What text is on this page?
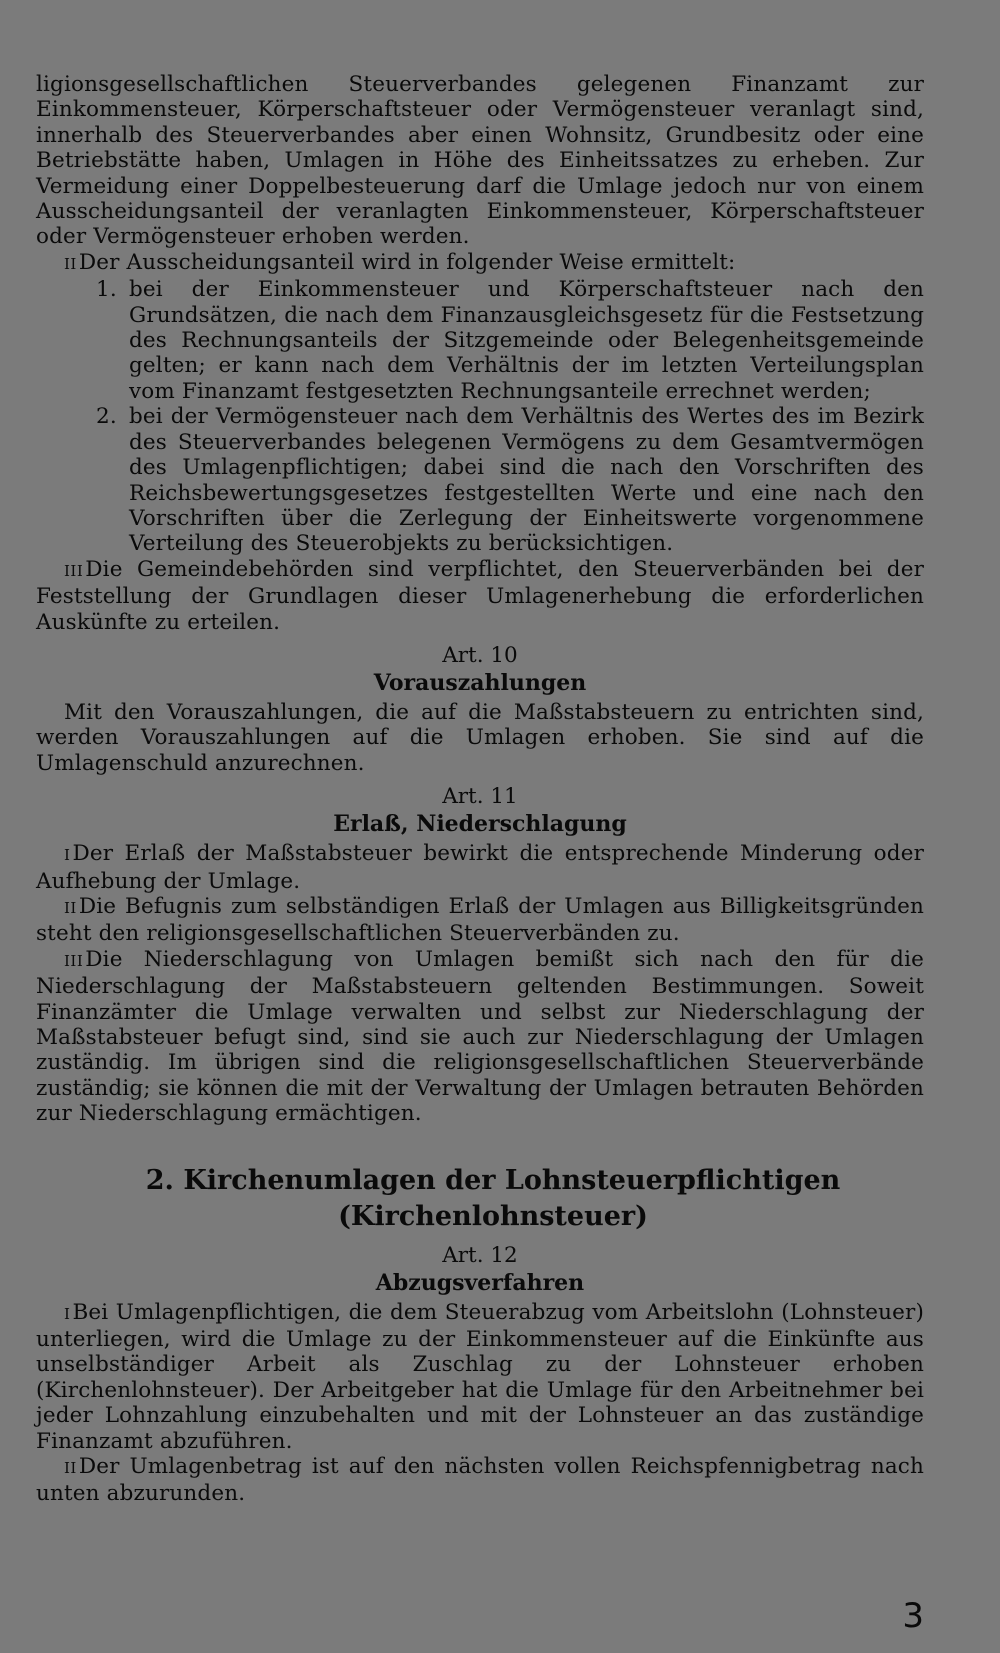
ligionsgesellschaftlichen Steuerverbandes gelegenen Finanzamt zur Einkommensteuer, Körperschaftsteuer oder Vermögensteuer veranlagt sind, innerhalb des Steuerverbandes aber einen Wohnsitz, Grundbesitz oder eine Betriebstätte haben, Umlagen in Höhe des Einheitssatzes zu erheben. Zur Vermeidung einer Doppelbesteuerung darf die Umlage jedoch nur von einem Ausscheidungsanteil der veranlagten Einkommensteuer, Körperschaftsteuer oder Vermögensteuer erhoben werden.

IIDer Ausscheidungsanteil wird in folgender Weise ermittelt:

1. bei der Einkommensteuer und Körperschaftsteuer nach den Grundsätzen, die nach dem Finanzausgleichsgesetz für die Festsetzung des Rechnungsanteils der Sitzgemeinde oder Belegenheitsgemeinde gelten; er kann nach dem Verhältnis der im letzten Verteilungsplan vom Finanzamt festgesetzten Rechnungsanteile errechnet werden;
2. bei der Vermögensteuer nach dem Verhältnis des Wertes des im Bezirk des Steuerverbandes belegenen Vermögens zu dem Gesamtvermögen des Umlagenpflichtigen; dabei sind die nach den Vorschriften des Reichsbewertungsgesetzes festgestellten Werte und eine nach den Vorschriften über die Zerlegung der Einheitswerte vorgenommene Verteilung des Steuerobjekts zu berücksichtigen.

IIIDie Gemeindebehörden sind verpflichtet, den Steuerverbänden bei der Feststellung der Grundlagen dieser Umlagenerhebung die erforderlichen Auskünfte zu erteilen.

Art. 10
Vorauszahlungen

Mit den Vorauszahlungen, die auf die Maßstabsteuern zu entrichten sind, werden Vorauszahlungen auf die Umlagen erhoben. Sie sind auf die Umlagenschuld anzurechnen.

Art. 11
Erlaß, Niederschlagung

IDer Erlaß der Maßstabsteuer bewirkt die entsprechende Minderung oder Aufhebung der Umlage.

IIDie Befugnis zum selbständigen Erlaß der Umlagen aus Billigkeitsgründen steht den religionsgesellschaftlichen Steuerverbänden zu.

IIIDie Niederschlagung von Umlagen bemißt sich nach den für die Niederschlagung der Maßstabsteuern geltenden Bestimmungen. Soweit Finanzämter die Umlage verwalten und selbst zur Niederschlagung der Maßstabsteuer befugt sind, sind sie auch zur Niederschlagung der Umlagen zuständig. Im übrigen sind die religionsgesellschaftlichen Steuerverbände zuständig; sie können die mit der Verwaltung der Umlagen betrauten Behörden zur Niederschlagung ermächtigen.

2. Kirchenumlagen der Lohnsteuerpflichtigen
(Kirchenlohnsteuer)
Art. 12
Abzugsverfahren

IBei Umlagenpflichtigen, die dem Steuerabzug vom Arbeitslohn (Lohnsteuer) unterliegen, wird die Umlage zu der Einkommensteuer auf die Einkünfte aus unselbständiger Arbeit als Zuschlag zu der Lohnsteuer erhoben (Kirchenlohnsteuer). Der Arbeitgeber hat die Umlage für den Arbeitnehmer bei jeder Lohnzahlung einzubehalten und mit der Lohnsteuer an das zuständige Finanzamt abzuführen.

IIDer Umlagenbetrag ist auf den nächsten vollen Reichspfennigbetrag nach unten abzurunden.

3
